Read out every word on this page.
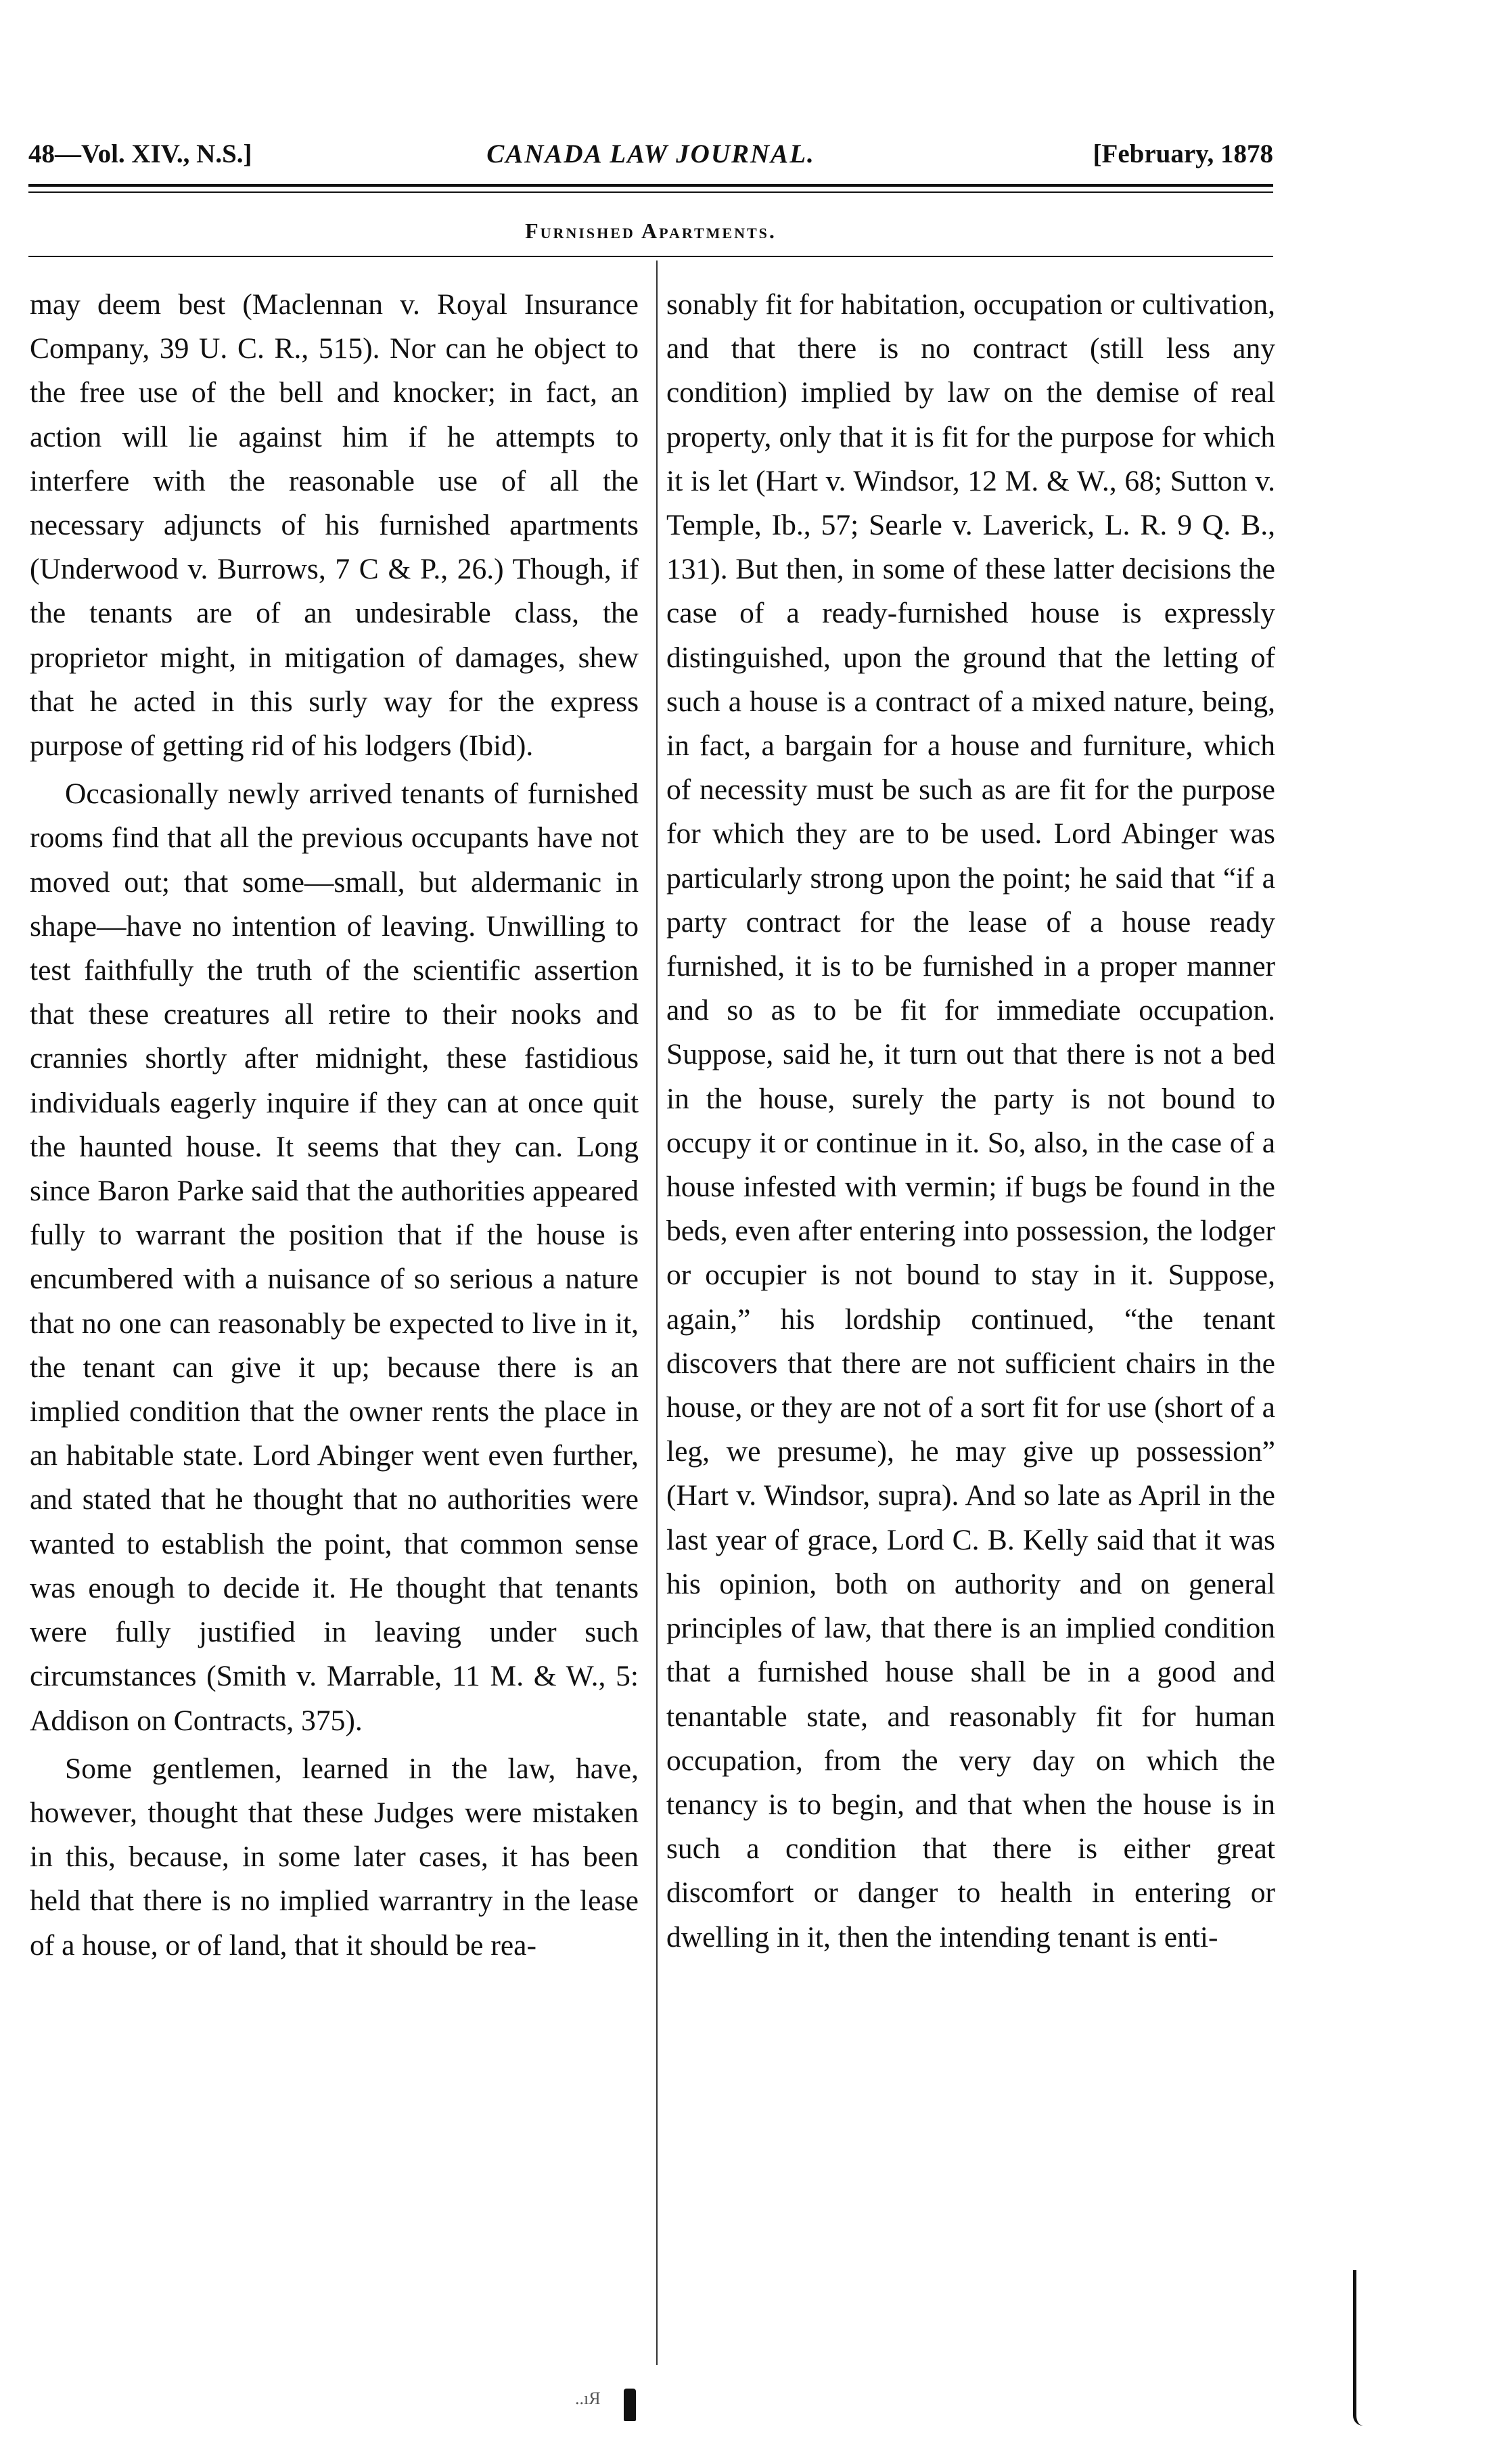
48—Vol. XIV., N.S.]	CANADA LAW JOURNAL.	[February, 1878
Furnished Apartments.

may deem best (Maclennan v. Royal Insurance Company, 39 U. C. R., 515). Nor can he object to the free use of the bell and knocker; in fact, an action will lie against him if he attempts to interfere with the reasonable use of all the necessary adjuncts of his furnished apartments (Underwood v. Burrows, 7 C & P., 26.) Though, if the tenants are of an undesirable class, the proprietor might, in mitigation of damages, shew that he acted in this surly way for the express purpose of getting rid of his lodgers (Ibid).

Occasionally newly arrived tenants of furnished rooms find that all the previous occupants have not moved out; that some—small, but aldermanic in shape—have no intention of leaving. Unwilling to test faithfully the truth of the scientific assertion that these creatures all retire to their nooks and crannies shortly after midnight, these fastidious individuals eagerly inquire if they can at once quit the haunted house. It seems that they can. Long since Baron Parke said that the authorities appeared fully to warrant the position that if the house is encumbered with a nuisance of so serious a nature that no one can reasonably be expected to live in it, the tenant can give it up; because there is an implied condition that the owner rents the place in an habitable state. Lord Abinger went even further, and stated that he thought that no authorities were wanted to establish the point, that common sense was enough to decide it. He thought that tenants were fully justified in leaving under such circumstances (Smith v. Marrable, 11 M. & W., 5: Addison on Contracts, 375).

Some gentlemen, learned in the law, have, however, thought that these Judges were mistaken in this, because, in some later cases, it has been held that there is no implied warrantry in the lease of a house, or of land, that it should be rea-

sonably fit for habitation, occupation or cultivation, and that there is no contract (still less any condition) implied by law on the demise of real property, only that it is fit for the purpose for which it is let (Hart v. Windsor, 12 M. & W., 68; Sutton v. Temple, Ib., 57; Searle v. Laverick, L. R. 9 Q. B., 131). But then, in some of these latter decisions the case of a ready-furnished house is expressly distinguished, upon the ground that the letting of such a house is a contract of a mixed nature, being, in fact, a bargain for a house and furniture, which of necessity must be such as are fit for the purpose for which they are to be used. Lord Abinger was particularly strong upon the point; he said that “if a party contract for the lease of a house ready furnished, it is to be furnished in a proper manner and so as to be fit for immediate occupation. Suppose, said he, it turn out that there is not a bed in the house, surely the party is not bound to occupy it or continue in it. So, also, in the case of a house infested with vermin; if bugs be found in the beds, even after entering into possession, the lodger or occupier is not bound to stay in it. Suppose, again,” his lordship continued, “the tenant discovers that there are not sufficient chairs in the house, or they are not of a sort fit for use (short of a leg, we presume), he may give up possession” (Hart v. Windsor, supra). And so late as April in the last year of grace, Lord C. B. Kelly said that it was his opinion, both on authority and on general principles of law, that there is an implied condition that a furnished house shall be in a good and tenantable state, and reasonably fit for human occupation, from the very day on which the tenancy is to begin, and that when the house is in such a condition that there is either great discomfort or danger to health in entering or dwelling in it, then the intending tenant is enti-

..ıЯ
